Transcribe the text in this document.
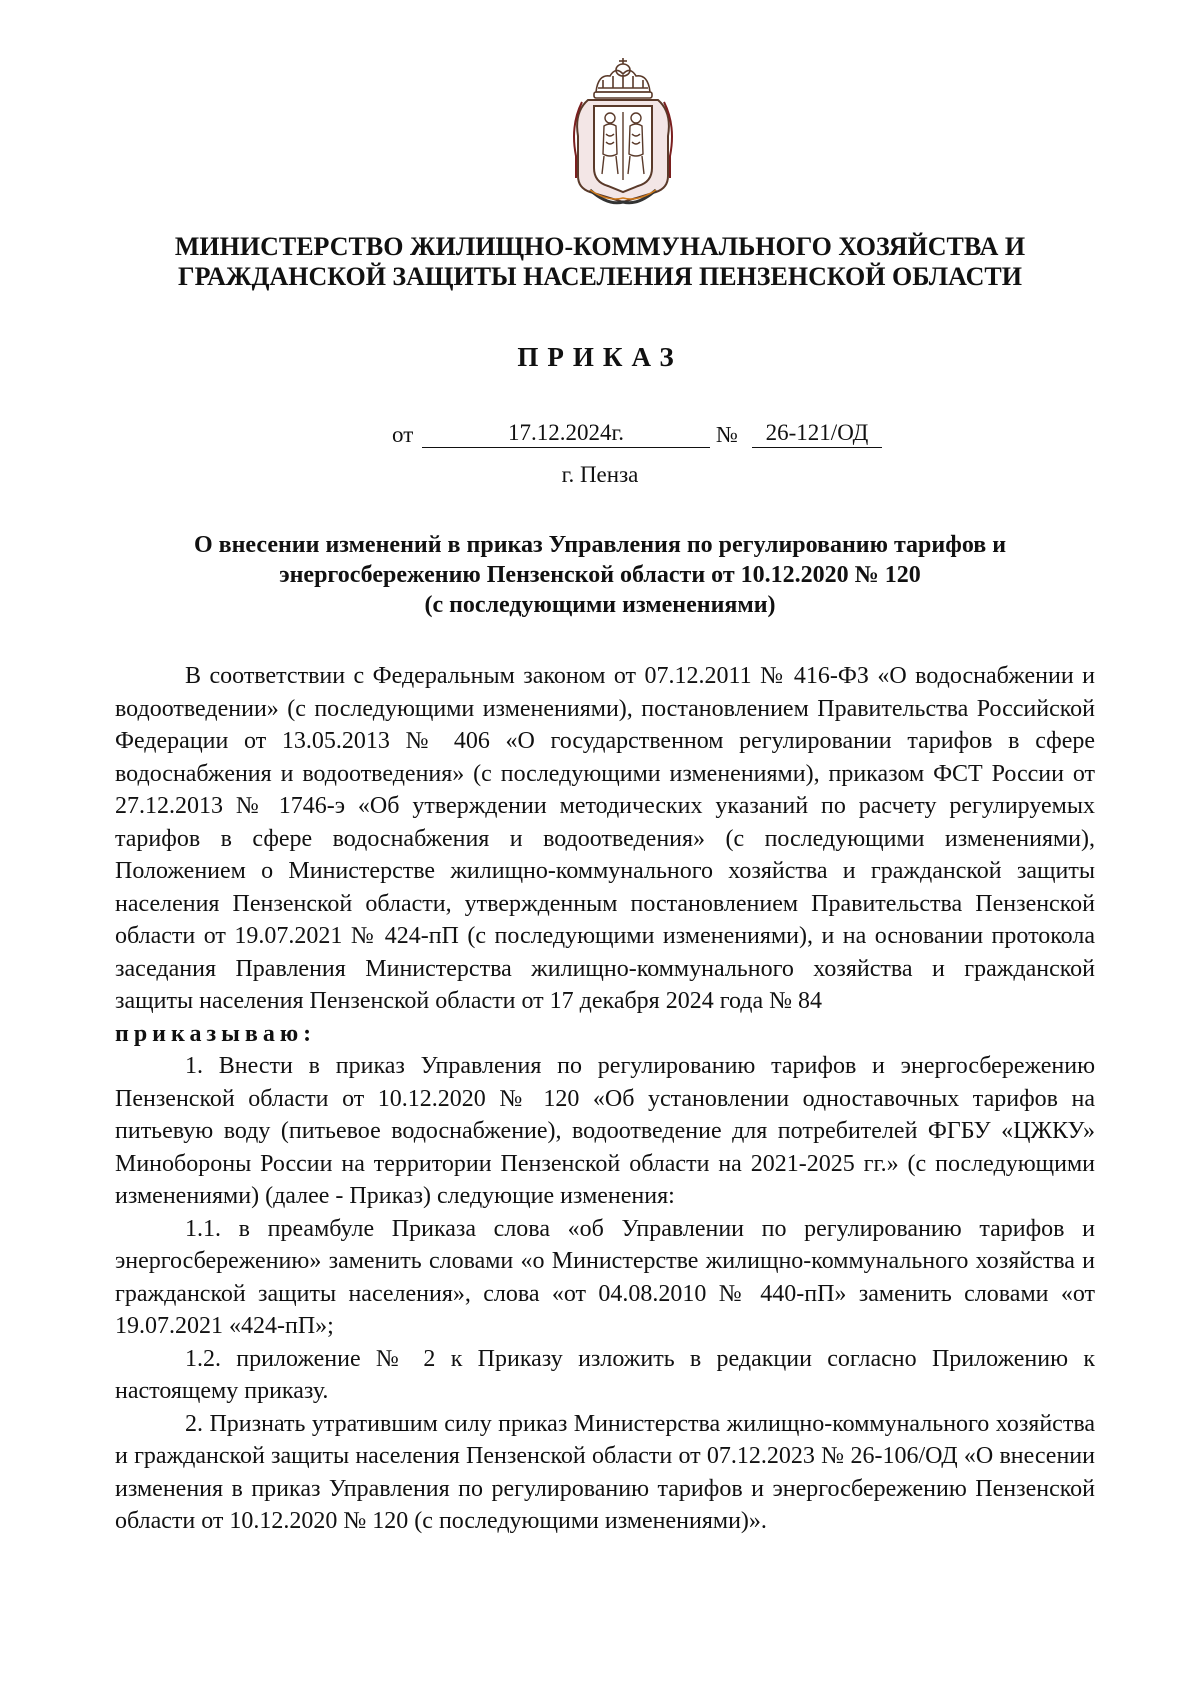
МИНИСТЕРСТВО ЖИЛИЩНО-КОММУНАЛЬНОГО ХОЗЯЙСТВА И
ГРАЖДАНСКОЙ ЗАЩИТЫ НАСЕЛЕНИЯ ПЕНЗЕНСКОЙ ОБЛАСТИ
ПРИКАЗ
от	17.12.2024г.	№	26-121/ОД
г. Пенза
О внесении изменений в приказ Управления по регулированию тарифов и
энергосбережению Пензенской области от 10.12.2020 № 120
(с последующими изменениями)

В соответствии с Федеральным законом от 07.12.2011 № 416-ФЗ «О водоснабжении и водоотведении» (с последующими изменениями), постановлением Правительства Российской Федерации от 13.05.2013 № 406 «О государственном регулировании тарифов в сфере водоснабжения и водоотведения» (с последующими изменениями), приказом ФСТ России от 27.12.2013 № 1746-э «Об утверждении методических указаний по расчету регулируемых тарифов в сфере водоснабжения и водоотведения» (с последующими изменениями), Положением о Министерстве жилищно-коммунального хозяйства и гражданской защиты населения Пензенской области, утвержденным постановлением Правительства Пензенской области от 19.07.2021 № 424-пП (с последующими изменениями), и на основании протокола заседания Правления Министерства жилищно-коммунального хозяйства и гражданской защиты населения Пензенской области от 17 декабря 2024 года № 84

приказываю:

1. Внести в приказ Управления по регулированию тарифов и энергосбережению Пензенской области от 10.12.2020 № 120 «Об установлении одноставочных тарифов на питьевую воду (питьевое водоснабжение), водоотведение для потребителей ФГБУ «ЦЖКУ» Минобороны России на территории Пензенской области на 2021-2025 гг.» (с последующими изменениями) (далее - Приказ) следующие изменения:

1.1. в преамбуле Приказа слова «об Управлении по регулированию тарифов и энергосбережению» заменить словами «о Министерстве жилищно-коммунального хозяйства и гражданской защиты населения», слова «от 04.08.2010 № 440-пП» заменить словами «от 19.07.2021 «424-пП»;

1.2. приложение № 2 к Приказу изложить в редакции согласно Приложению к настоящему приказу.

2. Признать утратившим силу приказ Министерства жилищно-коммунального хозяйства и гражданской защиты населения Пензенской области от 07.12.2023 № 26-106/ОД «О внесении изменения в приказ Управления по регулированию тарифов и энергосбережению Пензенской области от 10.12.2020 № 120 (с последующими изменениями)».
